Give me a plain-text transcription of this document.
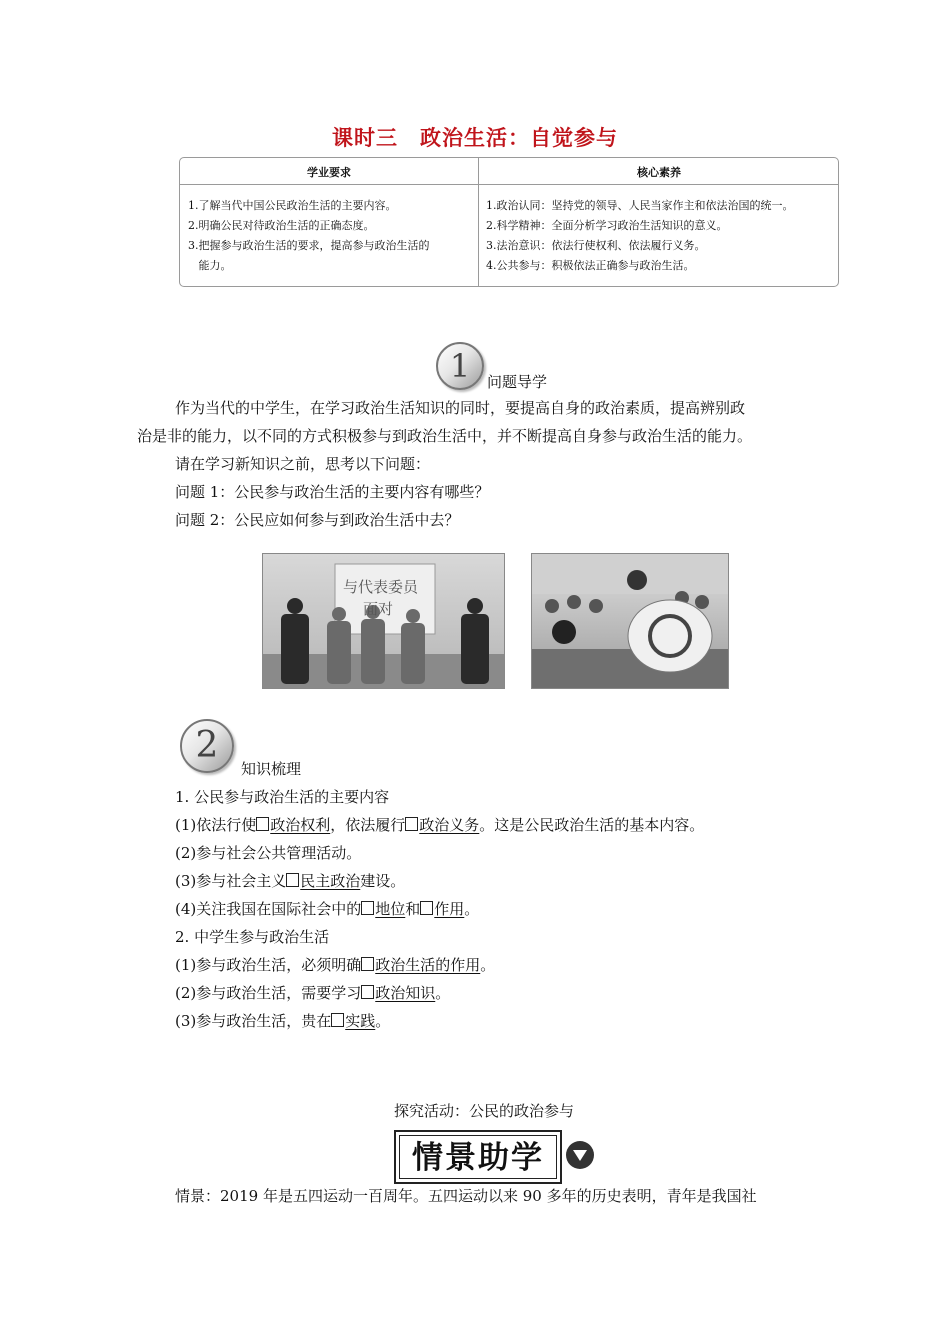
课时三 政治生活：自觉参与
学业要求	核心素养
1.了解当代中国公民政治生活的主要内容。
2.明确公民对待政治生活的正确态度。
3.把握参与政治生活的要求，提高参与政治生活的
能力。
1.政治认同：坚持党的领导、人民当家作主和依法治国的统一。
2.科学精神：全面分析学习政治生活知识的意义。
3.法治意识：依法行使权利、依法履行义务。
4.公共参与：积极依法正确参与政治生活。
1	问题导学
作为当代的中学生，在学习政治生活知识的同时，要提高自身的政治素质，提高辨别政
治是非的能力，以不同的方式积极参与到政治生活中，并不断提高自身参与政治生活的能力。
请在学习新知识之前，思考以下问题：
问题 1：公民参与政治生活的主要内容有哪些？
问题 2：公民应如何参与到政治生活中去？
与代表委员
面对
2
知识梳理
1. 公民参与政治生活的主要内容
(1)依法行使 政治权利，依法履行 政治义务。这是公民政治生活的基本内容。
(2)参与社会公共管理活动。
(3)参与社会主义 民主政治建设。
(4)关注我国在国际社会中的 地位和 作用。
2. 中学生参与政治生活
(1)参与政治生活，必须明确 政治生活的作用。
(2)参与政治生活，需要学习 政治知识。
(3)参与政治生活，贵在 实践。
探究活动：公民的政治参与
情景助学
情景：2019 年是五四运动一百周年。五四运动以来 90 多年的历史表明，青年是我国社
